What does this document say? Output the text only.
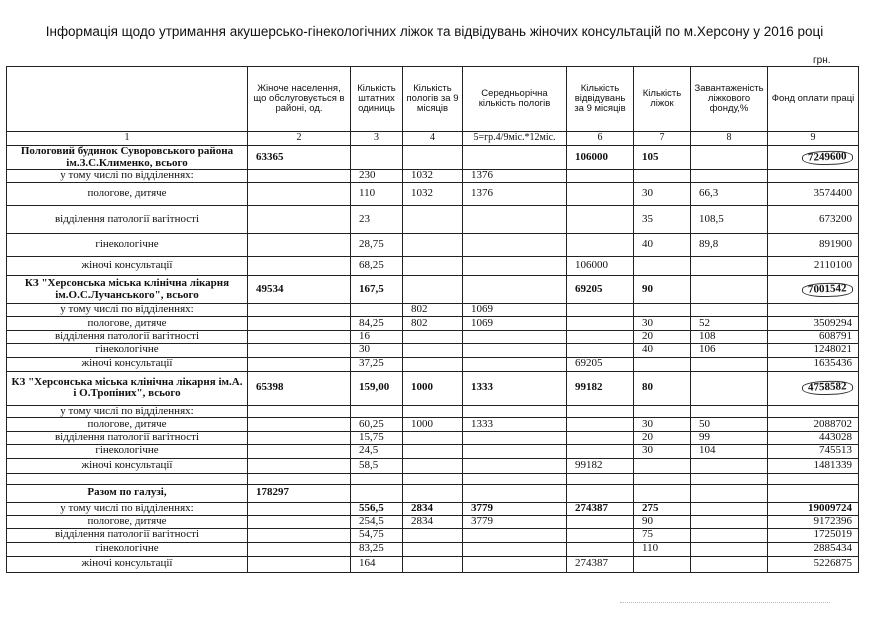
Інформація щодо утримання акушерсько-гінекологічних ліжок та відвідувань жіночих консультацій по м.Херсону у 2016 році
грн.
	Жіноче населення, що обслуговується в районі, од.	Кількість штатних одиниць	Кількість пологів за 9 місяців	Середньорічна кількість пологів	Кількість відвідувань за 9 місяців	Кількість ліжок	Завантаженість ліжкового фонду,%	Фонд оплати праці
1	2	3	4	5=гр.4/9міс.*12міс.	6	7	8	9
Пологовий будинок Суворовського района ім.З.С.Клименко, всього	63365				106000	105		7249600
у тому числі по відділеннях:		230	1032	1376				
пологове, дитяче		110	1032	1376		30	66,3	3574400
відділення патології вагітності		23				35	108,5	673200
гінекологічне		28,75				40	89,8	891900
жіночі консультації		68,25			106000			2110100
КЗ "Херсонська міська клінічна лікарня ім.О.С.Лучанського", всього	49534	167,5			69205	90		7001542
у тому числі по відділеннях:			802	1069				
пологове, дитяче		84,25	802	1069		30	52	3509294
відділення патології вагітності		16				20	108	608791
гінекологічне		30				40	106	1248021
жіночі консультації		37,25			69205			1635436
КЗ "Херсонська міська клінічна лікарня ім.А. і О.Тропіних", всього	65398	159,00	1000	1333	99182	80		4758582
у тому числі по відділеннях:								
пологове, дитяче		60,25	1000	1333		30	50	2088702
відділення патології вагітності		15,75				20	99	443028
гінекологічне		24,5				30	104	745513
жіночі консультації		58,5			99182			1481339

Разом по галузі,	178297							
у тому числі по відділеннях:		556,5	2834	3779	274387	275		19009724
пологове, дитяче		254,5	2834	3779		90		9172396
відділення патології вагітності		54,75				75		1725019
гінекологічне		83,25				110		2885434
жіночі консультації		164			274387			5226875
